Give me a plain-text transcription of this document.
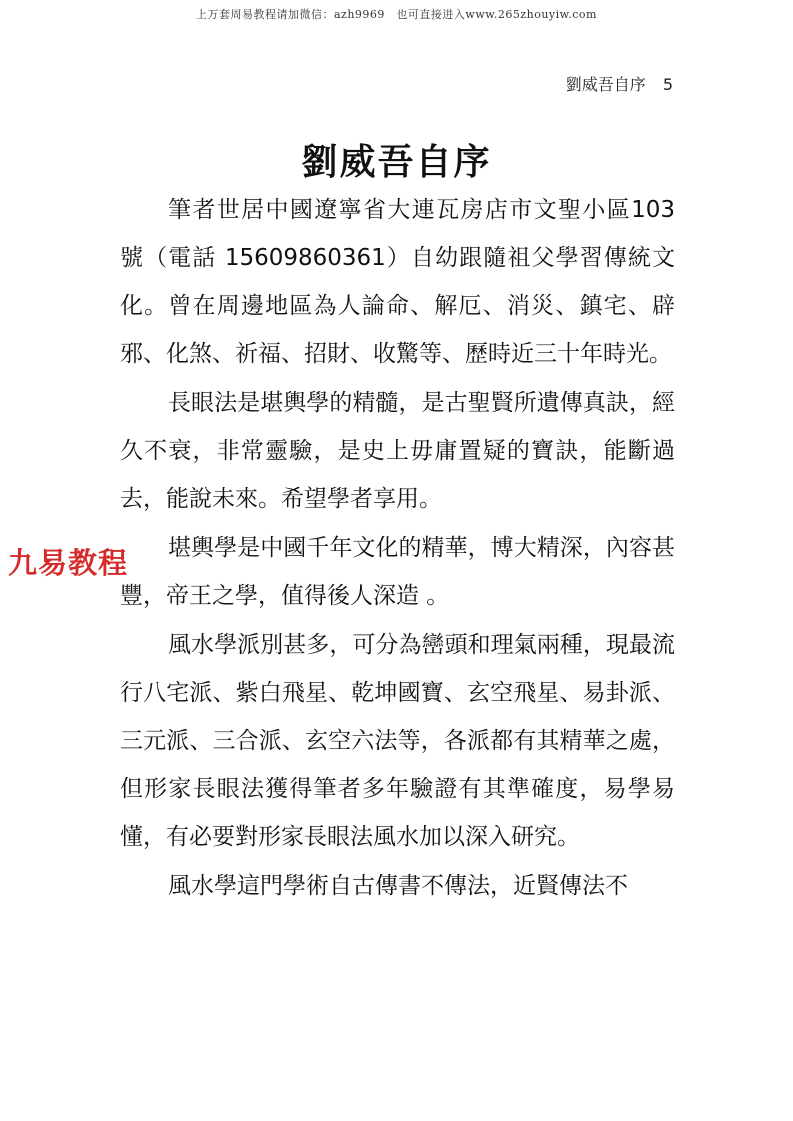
上万套周易教程请加微信：azh9969　也可直接进入www.265zhouyiw.com
劉威吾自序 5
劉威吾自序

筆者世居中國遼寧省大連瓦房店市文聖小區103 號（電話 15609860361）自幼跟隨祖父學習傳統文化。曾在周邊地區為人論命、解厄、消災、鎮宅、辟邪、化煞、祈福、招財、收驚等、歷時近三十年時光。

長眼法是堪輿學的精髓，是古聖賢所遺傳真訣，經久不衰，非常靈驗，是史上毋庸置疑的寶訣，能斷過去，能說未來。希望學者享用。

堪輿學是中國千年文化的精華，博大精深，內容甚豐，帝王之學，值得後人深造 。

風水學派別甚多，可分為巒頭和理氣兩種，現最流行八宅派、紫白飛星、乾坤國寶、玄空飛星、易卦派、三元派、三合派、玄空六法等，各派都有其精華之處，但形家長眼法獲得筆者多年驗證有其準確度，易學易懂，有必要對形家長眼法風水加以深入研究。

風水學這門學術自古傳書不傳法，近賢傳法不

九易教程
